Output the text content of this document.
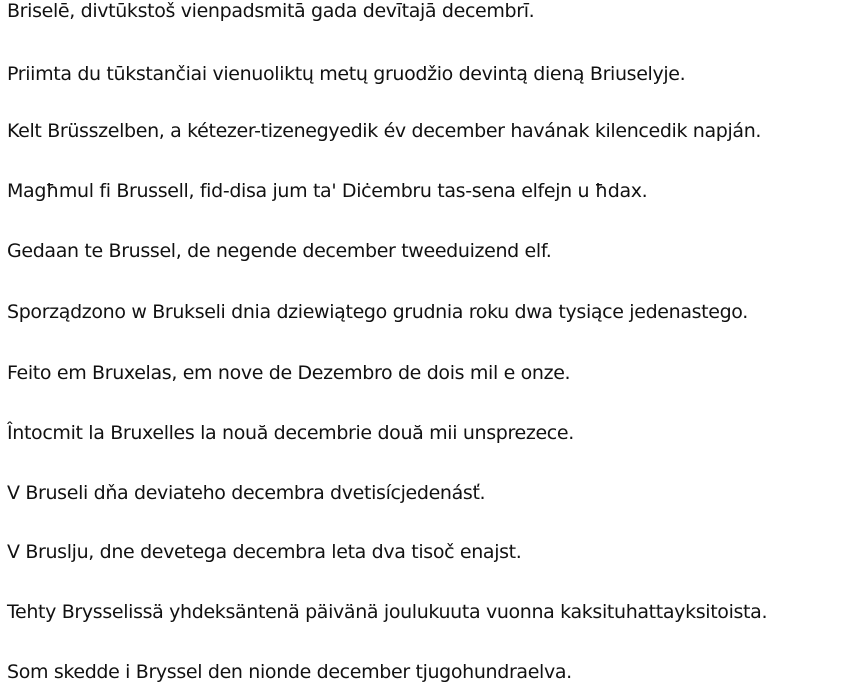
Briselē, divtūkstoš vienpadsmitā gada devītajā decembrī.

Priimta du tūkstančiai vienuoliktų metų gruodžio devintą dieną Briuselyje.

Kelt Brüsszelben, a kétezer-tizenegyedik év december havának kilencedik napján.

Magħmul fi Brussell, fid-disa jum ta' Diċembru tas-sena elfejn u ħdax.

Gedaan te Brussel, de negende december tweeduizend elf.

Sporządzono w Brukseli dnia dziewiątego grudnia roku dwa tysiące jedenastego.

Feito em Bruxelas, em nove de Dezembro de dois mil e onze.

Întocmit la Bruxelles la nouă decembrie două mii unsprezece.

V Bruseli dňa deviateho decembra dvetisícjedenásť.

V Bruslju, dne devetega decembra leta dva tisoč enajst.

Tehty Brysselissä yhdeksäntenä päivänä joulukuuta vuonna kaksituhattayksitoista.

Som skedde i Bryssel den nionde december tjugohundraelva.
